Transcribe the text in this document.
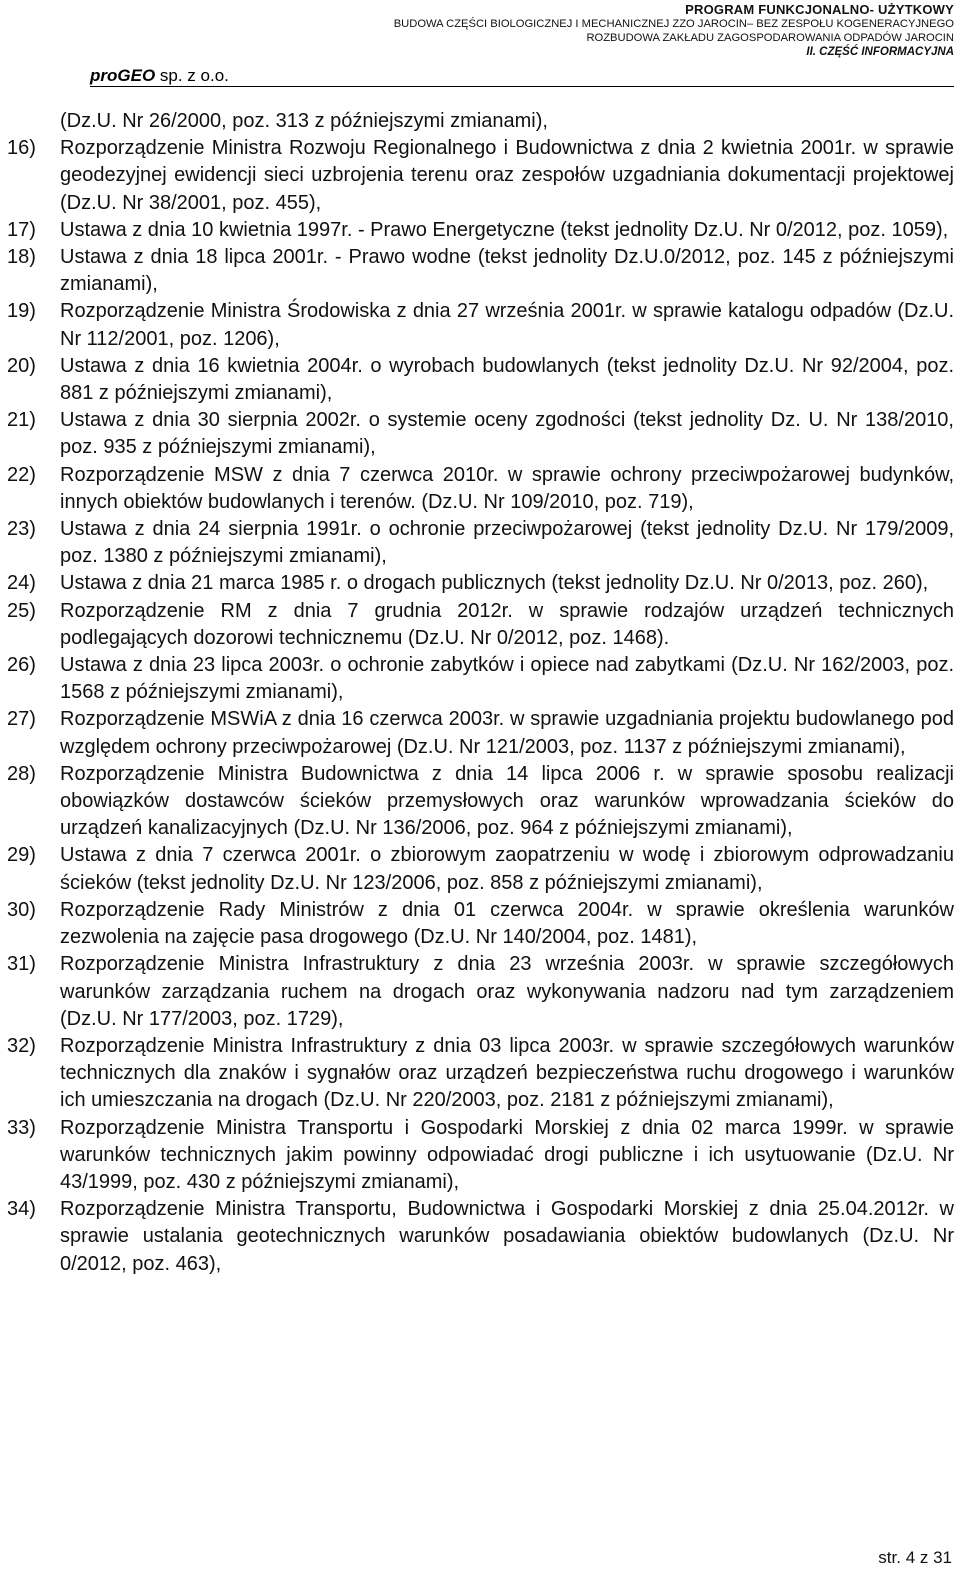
proGEO sp. z o.o.
PROGRAM FUNKCJONALNO- UŻYTKOWY
BUDOWA CZĘŚCI BIOLOGICZNEJ I MECHANICZNEJ ZZO JAROCIN– BEZ ZESPOŁU KOGENERACYJNEGO
ROZBUDOWA ZAKŁADU ZAGOSPODAROWANIA ODPADÓW JAROCIN
II. CZĘŚĆ INFORMACYJNA
(Dz.U. Nr 26/2000, poz. 313 z późniejszymi zmianami),
16) Rozporządzenie Ministra Rozwoju Regionalnego i Budownictwa z dnia 2 kwietnia 2001r. w sprawie geodezyjnej ewidencji sieci uzbrojenia terenu oraz zespołów uzgadniania dokumentacji projektowej (Dz.U. Nr 38/2001, poz. 455),
17) Ustawa z dnia 10 kwietnia 1997r. - Prawo Energetyczne (tekst jednolity Dz.U. Nr 0/2012, poz. 1059),
18) Ustawa z dnia 18 lipca 2001r. - Prawo wodne (tekst jednolity Dz.U.0/2012, poz. 145 z późniejszymi zmianami),
19) Rozporządzenie Ministra Środowiska z dnia 27 września 2001r. w sprawie katalogu odpadów (Dz.U. Nr 112/2001, poz. 1206),
20) Ustawa z dnia 16 kwietnia 2004r. o wyrobach budowlanych (tekst jednolity Dz.U. Nr 92/2004, poz. 881 z późniejszymi zmianami),
21) Ustawa z dnia 30 sierpnia 2002r. o systemie oceny zgodności (tekst jednolity Dz. U. Nr 138/2010, poz. 935 z późniejszymi zmianami),
22) Rozporządzenie MSW z dnia 7 czerwca 2010r. w sprawie ochrony przeciwpożarowej budynków, innych obiektów budowlanych i terenów. (Dz.U. Nr 109/2010, poz. 719),
23) Ustawa z dnia 24 sierpnia 1991r. o ochronie przeciwpożarowej (tekst jednolity Dz.U. Nr 179/2009, poz. 1380 z późniejszymi zmianami),
24) Ustawa z dnia 21 marca 1985 r. o drogach publicznych (tekst jednolity Dz.U. Nr 0/2013, poz. 260),
25) Rozporządzenie RM z dnia 7 grudnia 2012r. w sprawie rodzajów urządzeń technicznych podlegających dozorowi technicznemu (Dz.U. Nr 0/2012, poz. 1468).
26) Ustawa z dnia 23 lipca 2003r. o ochronie zabytków i opiece nad zabytkami (Dz.U. Nr 162/2003, poz. 1568 z późniejszymi zmianami),
27) Rozporządzenie MSWiA z dnia 16 czerwca 2003r. w sprawie uzgadniania projektu budowlanego pod względem ochrony przeciwpożarowej (Dz.U. Nr 121/2003, poz. 1137 z późniejszymi zmianami),
28) Rozporządzenie Ministra Budownictwa z dnia 14 lipca 2006 r. w sprawie sposobu realizacji obowiązków dostawców ścieków przemysłowych oraz warunków wprowadzania ścieków do urządzeń kanalizacyjnych (Dz.U. Nr 136/2006, poz. 964 z późniejszymi zmianami),
29) Ustawa z dnia 7 czerwca 2001r. o zbiorowym zaopatrzeniu w wodę i zbiorowym odprowadzaniu ścieków (tekst jednolity Dz.U. Nr 123/2006, poz. 858 z późniejszymi zmianami),
30) Rozporządzenie Rady Ministrów z dnia 01 czerwca 2004r. w sprawie określenia warunków zezwolenia na zajęcie pasa drogowego (Dz.U. Nr 140/2004, poz. 1481),
31) Rozporządzenie Ministra Infrastruktury z dnia 23 września 2003r. w sprawie szczegółowych warunków zarządzania ruchem na drogach oraz wykonywania nadzoru nad tym zarządzeniem (Dz.U. Nr 177/2003, poz. 1729),
32) Rozporządzenie Ministra Infrastruktury z dnia 03 lipca 2003r. w sprawie szczegółowych warunków technicznych dla znaków i sygnałów oraz urządzeń bezpieczeństwa ruchu drogowego i warunków ich umieszczania na drogach (Dz.U. Nr 220/2003, poz. 2181 z późniejszymi zmianami),
33) Rozporządzenie Ministra Transportu i Gospodarki Morskiej z dnia 02 marca 1999r. w sprawie warunków technicznych jakim powinny odpowiadać drogi publiczne i ich usytuowanie (Dz.U. Nr 43/1999, poz. 430 z późniejszymi zmianami),
34) Rozporządzenie Ministra Transportu, Budownictwa i Gospodarki Morskiej z dnia 25.04.2012r. w sprawie ustalania geotechnicznych warunków posadawiania obiektów budowlanych (Dz.U. Nr 0/2012, poz. 463),
str. 4 z 31
